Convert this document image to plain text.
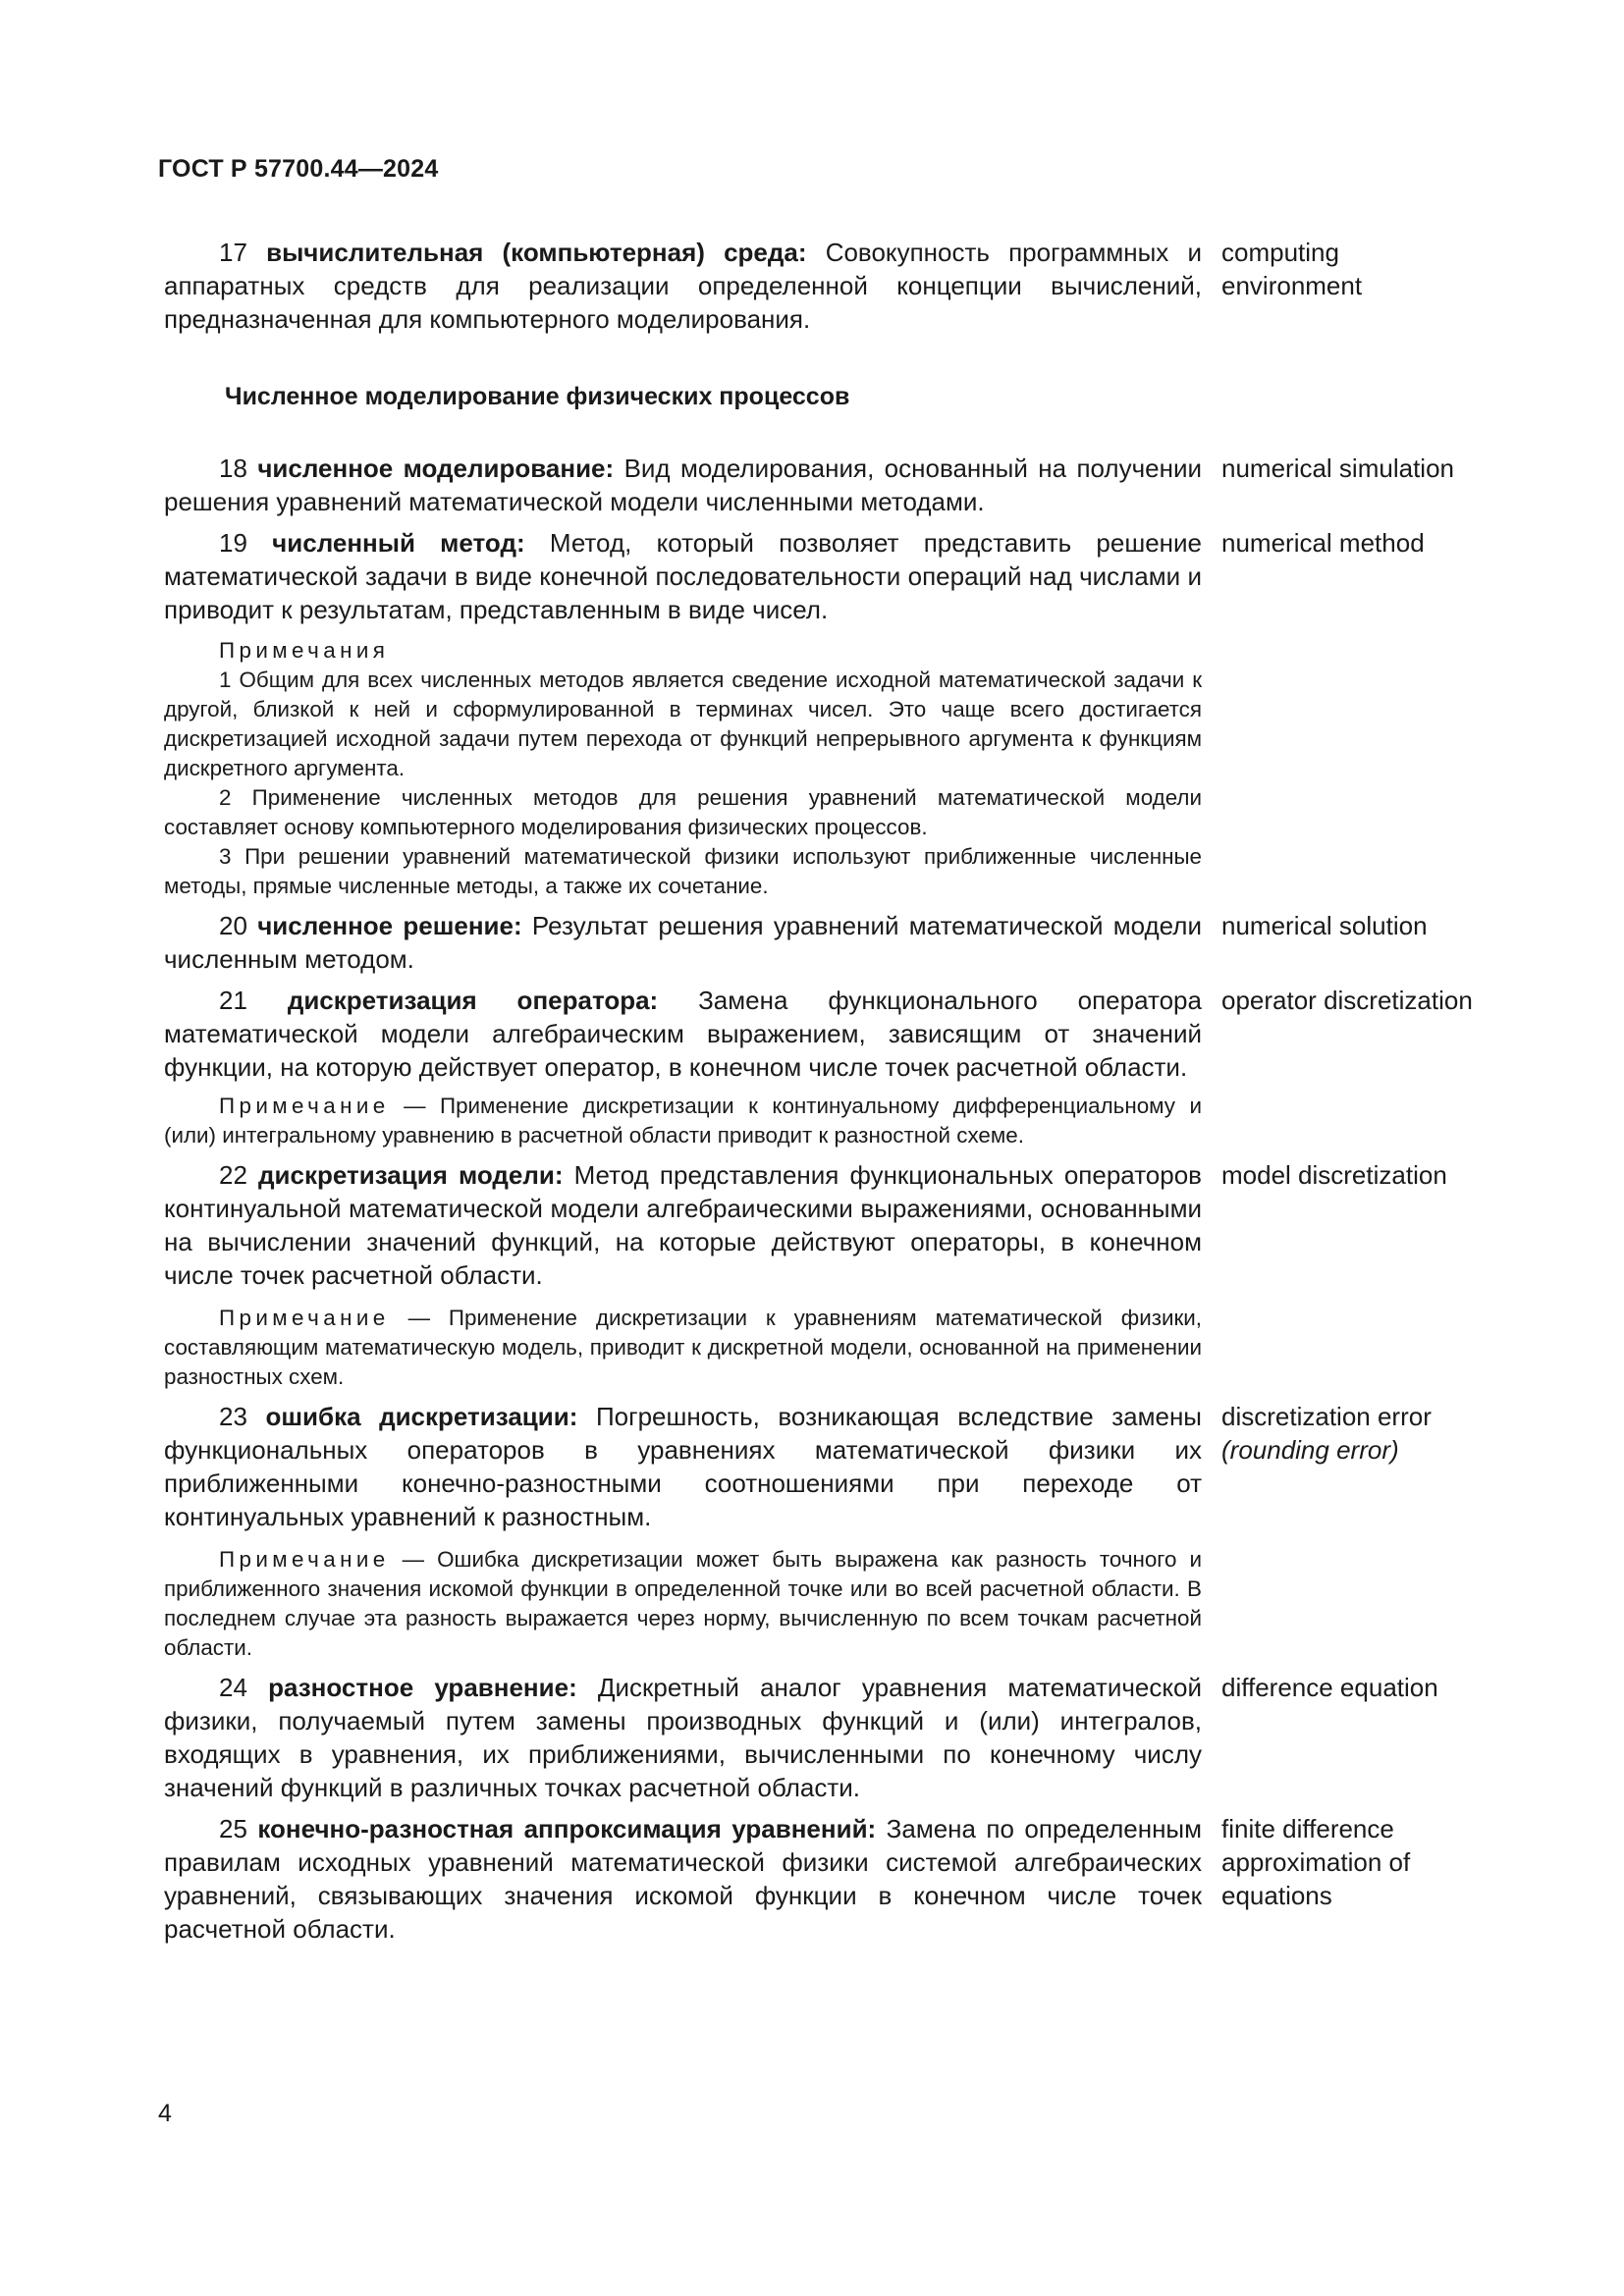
ГОСТ Р 57700.44—2024
17 вычислительная (компьютерная) среда: Совокупность программных и аппаратных средств для реализации определенной концепции вычислений, предназначенная для компьютерного моделирования.
computing environment
Численное моделирование физических процессов
18 численное моделирование: Вид моделирования, основанный на получении решения уравнений математической модели численными методами.
numerical simulation
19 численный метод: Метод, который позволяет представить решение математической задачи в виде конечной последовательности операций над числами и приводит к результатам, представленным в виде чисел.
numerical method
Примечания
1 Общим для всех численных методов является сведение исходной математической задачи к другой, близкой к ней и сформулированной в терминах чисел. Это чаще всего достигается дискретизацией исходной задачи путем перехода от функций непрерывного аргумента к функциям дискретного аргумента.
2 Применение численных методов для решения уравнений математической модели составляет основу компьютерного моделирования физических процессов.
3 При решении уравнений математической физики используют приближенные численные методы, прямые численные методы, а также их сочетание.
20 численное решение: Результат решения уравнений математической модели численным методом.
numerical solution
21 дискретизация оператора: Замена функционального оператора математической модели алгебраическим выражением, зависящим от значений функции, на которую действует оператор, в конечном числе точек расчетной области.
operator discretization
Примечание — Применение дискретизации к континуальному дифференциальному и (или) интегральному уравнению в расчетной области приводит к разностной схеме.
22 дискретизация модели: Метод представления функциональных операторов континуальной математической модели алгебраическими выражениями, основанными на вычислении значений функций, на которые действуют операторы, в конечном числе точек расчетной области.
model discretization
Примечание — Применение дискретизации к уравнениям математической физики, составляющим математическую модель, приводит к дискретной модели, основанной на применении разностных схем.
23 ошибка дискретизации: Погрешность, возникающая вследствие замены функциональных операторов в уравнениях математической физики их приближенными конечно-разностными соотношениями при переходе от континуальных уравнений к разностным.
discretization error
(rounding error)
Примечание — Ошибка дискретизации может быть выражена как разность точного и приближенного значения искомой функции в определенной точке или во всей расчетной области. В последнем случае эта разность выражается через норму, вычисленную по всем точкам расчетной области.
24 разностное уравнение: Дискретный аналог уравнения математической физики, получаемый путем замены производных функций и (или) интегралов, входящих в уравнения, их приближениями, вычисленными по конечному числу значений функций в различных точках расчетной области.
difference equation
25 конечно-разностная аппроксимация уравнений: Замена по определенным правилам исходных уравнений математической физики системой алгебраических уравнений, связывающих значения искомой функции в конечном числе точек расчетной области.
finite difference approximation of equations
4
